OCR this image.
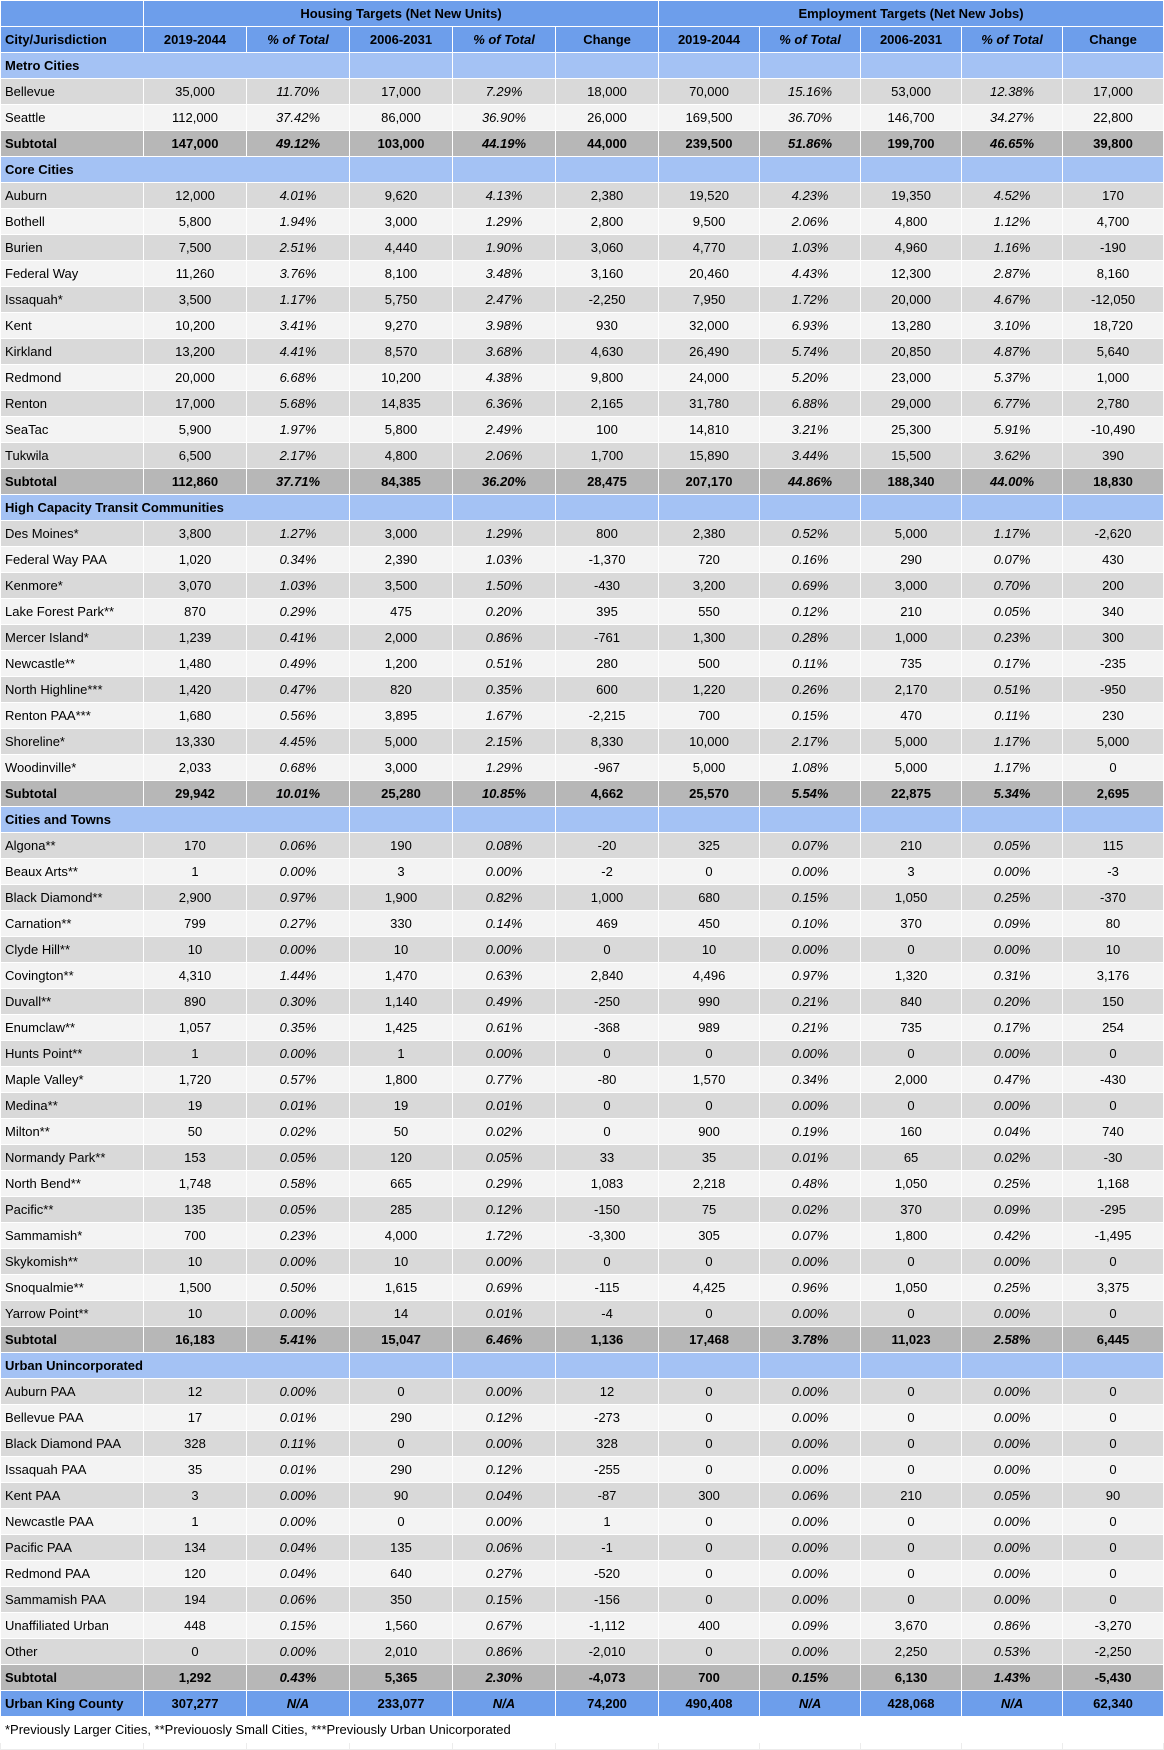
	Housing Targets (Net New Units)					Employment Targets (Net New Jobs)				
City/Jurisdiction	2019-2044	% of Total	2006-2031	% of Total	Change	2019-2044	% of Total	2006-2031	% of Total	Change
Metro Cities										
Bellevue	35,000	11.70%	17,000	7.29%	18,000	70,000	15.16%	53,000	12.38%	17,000
Seattle	112,000	37.42%	86,000	36.90%	26,000	169,500	36.70%	146,700	34.27%	22,800
Subtotal	147,000	49.12%	103,000	44.19%	44,000	239,500	51.86%	199,700	46.65%	39,800
Core Cities										
Auburn	12,000	4.01%	9,620	4.13%	2,380	19,520	4.23%	19,350	4.52%	170
Bothell	5,800	1.94%	3,000	1.29%	2,800	9,500	2.06%	4,800	1.12%	4,700
Burien	7,500	2.51%	4,440	1.90%	3,060	4,770	1.03%	4,960	1.16%	-190
Federal Way	11,260	3.76%	8,100	3.48%	3,160	20,460	4.43%	12,300	2.87%	8,160
Issaquah*	3,500	1.17%	5,750	2.47%	-2,250	7,950	1.72%	20,000	4.67%	-12,050
Kent	10,200	3.41%	9,270	3.98%	930	32,000	6.93%	13,280	3.10%	18,720
Kirkland	13,200	4.41%	8,570	3.68%	4,630	26,490	5.74%	20,850	4.87%	5,640
Redmond	20,000	6.68%	10,200	4.38%	9,800	24,000	5.20%	23,000	5.37%	1,000
Renton	17,000	5.68%	14,835	6.36%	2,165	31,780	6.88%	29,000	6.77%	2,780
SeaTac	5,900	1.97%	5,800	2.49%	100	14,810	3.21%	25,300	5.91%	-10,490
Tukwila	6,500	2.17%	4,800	2.06%	1,700	15,890	3.44%	15,500	3.62%	390
Subtotal	112,860	37.71%	84,385	36.20%	28,475	207,170	44.86%	188,340	44.00%	18,830
High Capacity Transit Communities										
Des Moines*	3,800	1.27%	3,000	1.29%	800	2,380	0.52%	5,000	1.17%	-2,620
Federal Way PAA	1,020	0.34%	2,390	1.03%	-1,370	720	0.16%	290	0.07%	430
Kenmore*	3,070	1.03%	3,500	1.50%	-430	3,200	0.69%	3,000	0.70%	200
Lake Forest Park**	870	0.29%	475	0.20%	395	550	0.12%	210	0.05%	340
Mercer Island*	1,239	0.41%	2,000	0.86%	-761	1,300	0.28%	1,000	0.23%	300
Newcastle**	1,480	0.49%	1,200	0.51%	280	500	0.11%	735	0.17%	-235
North Highline***	1,420	0.47%	820	0.35%	600	1,220	0.26%	2,170	0.51%	-950
Renton PAA***	1,680	0.56%	3,895	1.67%	-2,215	700	0.15%	470	0.11%	230
Shoreline*	13,330	4.45%	5,000	2.15%	8,330	10,000	2.17%	5,000	1.17%	5,000
Woodinville*	2,033	0.68%	3,000	1.29%	-967	5,000	1.08%	5,000	1.17%	0
Subtotal	29,942	10.01%	25,280	10.85%	4,662	25,570	5.54%	22,875	5.34%	2,695
Cities and Towns										
Algona**	170	0.06%	190	0.08%	-20	325	0.07%	210	0.05%	115
Beaux Arts**	1	0.00%	3	0.00%	-2	0	0.00%	3	0.00%	-3
Black Diamond**	2,900	0.97%	1,900	0.82%	1,000	680	0.15%	1,050	0.25%	-370
Carnation**	799	0.27%	330	0.14%	469	450	0.10%	370	0.09%	80
Clyde Hill**	10	0.00%	10	0.00%	0	10	0.00%	0	0.00%	10
Covington**	4,310	1.44%	1,470	0.63%	2,840	4,496	0.97%	1,320	0.31%	3,176
Duvall**	890	0.30%	1,140	0.49%	-250	990	0.21%	840	0.20%	150
Enumclaw**	1,057	0.35%	1,425	0.61%	-368	989	0.21%	735	0.17%	254
Hunts Point**	1	0.00%	1	0.00%	0	0	0.00%	0	0.00%	0
Maple Valley*	1,720	0.57%	1,800	0.77%	-80	1,570	0.34%	2,000	0.47%	-430
Medina**	19	0.01%	19	0.01%	0	0	0.00%	0	0.00%	0
Milton**	50	0.02%	50	0.02%	0	900	0.19%	160	0.04%	740
Normandy Park**	153	0.05%	120	0.05%	33	35	0.01%	65	0.02%	-30
North Bend**	1,748	0.58%	665	0.29%	1,083	2,218	0.48%	1,050	0.25%	1,168
Pacific**	135	0.05%	285	0.12%	-150	75	0.02%	370	0.09%	-295
Sammamish*	700	0.23%	4,000	1.72%	-3,300	305	0.07%	1,800	0.42%	-1,495
Skykomish**	10	0.00%	10	0.00%	0	0	0.00%	0	0.00%	0
Snoqualmie**	1,500	0.50%	1,615	0.69%	-115	4,425	0.96%	1,050	0.25%	3,375
Yarrow Point**	10	0.00%	14	0.01%	-4	0	0.00%	0	0.00%	0
Subtotal	16,183	5.41%	15,047	6.46%	1,136	17,468	3.78%	11,023	2.58%	6,445
Urban Unincorporated										
Auburn PAA	12	0.00%	0	0.00%	12	0	0.00%	0	0.00%	0
Bellevue PAA	17	0.01%	290	0.12%	-273	0	0.00%	0	0.00%	0
Black Diamond PAA	328	0.11%	0	0.00%	328	0	0.00%	0	0.00%	0
Issaquah PAA	35	0.01%	290	0.12%	-255	0	0.00%	0	0.00%	0
Kent PAA	3	0.00%	90	0.04%	-87	300	0.06%	210	0.05%	90
Newcastle PAA	1	0.00%	0	0.00%	1	0	0.00%	0	0.00%	0
Pacific PAA	134	0.04%	135	0.06%	-1	0	0.00%	0	0.00%	0
Redmond PAA	120	0.04%	640	0.27%	-520	0	0.00%	0	0.00%	0
Sammamish PAA	194	0.06%	350	0.15%	-156	0	0.00%	0	0.00%	0
Unaffiliated Urban	448	0.15%	1,560	0.67%	-1,112	400	0.09%	3,670	0.86%	-3,270
Other	0	0.00%	2,010	0.86%	-2,010	0	0.00%	2,250	0.53%	-2,250
Subtotal	1,292	0.43%	5,365	2.30%	-4,073	700	0.15%	6,130	1.43%	-5,430
Urban King County	307,277	N/A	233,077	N/A	74,200	490,408	N/A	428,068	N/A	62,340
*Previously Larger Cities, **Previouosly Small Cities, ***Previously Urban Unicorporated										
